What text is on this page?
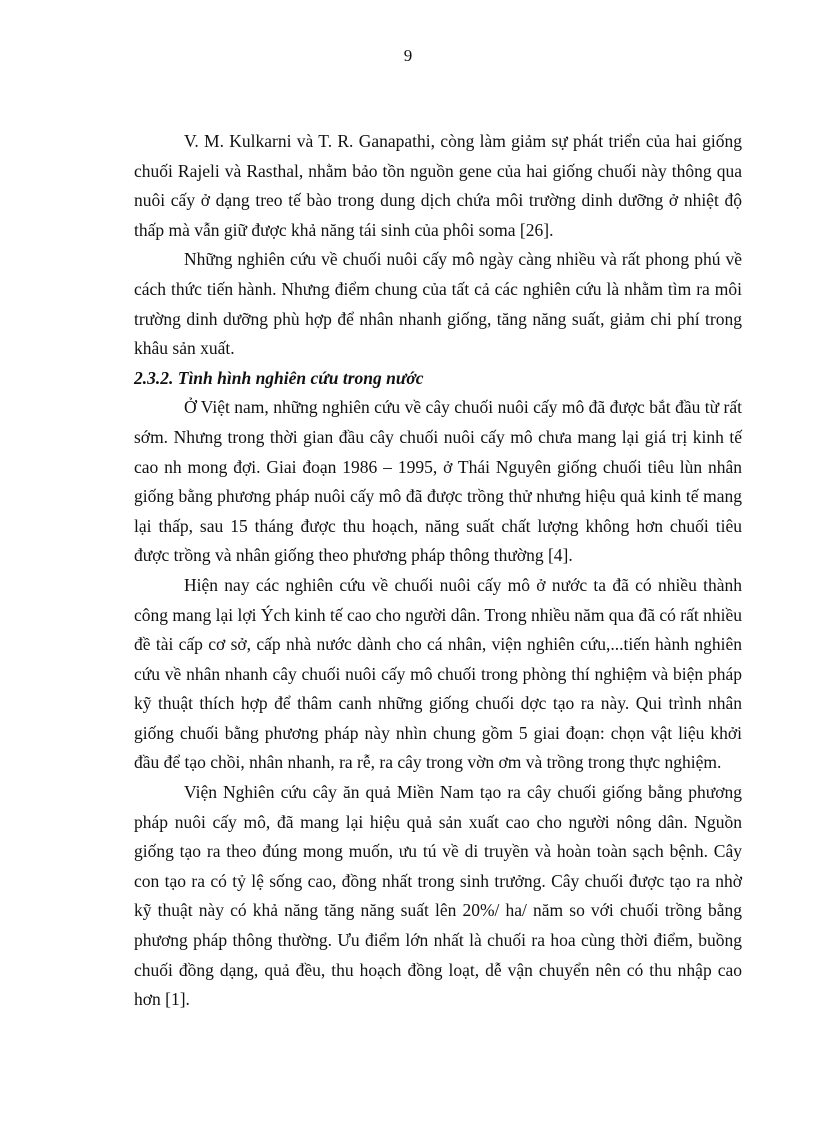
9

V. M. Kulkarni và T. R. Ganapathi, còng làm giảm sự phát triển của hai giống chuối Rajeli và Rasthal, nhằm bảo tồn nguồn gene của hai giống chuối này thông qua nuôi cấy ở dạng treo tế bào trong dung dịch chứa môi trường dinh dưỡng ở nhiệt độ thấp mà vẫn giữ được khả năng tái sinh của phôi soma [26].

Những nghiên cứu về chuối nuôi cấy mô ngày càng nhiều và rất phong phú về cách thức tiến hành. Nhưng điểm chung của tất cả các nghiên cứu là nhằm tìm ra môi trường dinh dưỡng phù hợp để nhân nhanh giống, tăng năng suất, giảm chi phí trong khâu sản xuất.

2.3.2. Tình hình nghiên cứu trong nước

Ở Việt nam, những nghiên cứu về cây chuối nuôi cấy mô đã được bắt đầu từ rất sớm. Nhưng trong thời gian đầu cây chuối nuôi cấy mô chưa mang lại giá trị kinh tế cao nh mong đợi. Giai đoạn 1986 – 1995, ở Thái Nguyên giống chuối tiêu lùn nhân giống bằng phương pháp nuôi cấy mô đã được trồng thử nhưng hiệu quả kinh tế mang lại thấp, sau 15 tháng được thu hoạch, năng suất chất lượng không hơn chuối tiêu được trồng và nhân giống theo phương pháp thông thường [4].

Hiện nay các nghiên cứu về chuối nuôi cấy mô ở nước ta đã có nhiều thành công mang lại lợi Ých kinh tế cao cho người dân. Trong nhiều năm qua đã có rất nhiều đề tài cấp cơ sở, cấp nhà nước dành cho cá nhân, viện nghiên cứu,...tiến hành nghiên cứu về nhân nhanh cây chuối nuôi cấy mô chuối trong phòng thí nghiệm và biện pháp kỹ thuật thích hợp để thâm canh những giống chuối dợc tạo ra này. Qui trình nhân giống chuối bằng phương pháp này nhìn chung gồm 5 giai đoạn: chọn vật liệu khởi đầu để tạo chồi, nhân nhanh, ra rễ, ra cây trong vờn ơm và trồng trong thực nghiệm.

Viện Nghiên cứu cây ăn quả Miền Nam tạo ra cây chuối giống bằng phương pháp nuôi cấy mô, đã mang lại hiệu quả sản xuất cao cho người nông dân. Nguồn giống tạo ra theo đúng mong muốn, ưu tú về di truyền và hoàn toàn sạch bệnh. Cây con tạo ra có tỷ lệ sống cao, đồng nhất trong sinh trưởng. Cây chuối được tạo ra nhờ kỹ thuật này có khả năng tăng năng suất lên 20%/ ha/ năm so với chuối trồng bằng phương pháp thông thường. Ưu điểm lớn nhất là chuối ra hoa cùng thời điểm, buồng chuối đồng dạng, quả đều, thu hoạch đồng loạt, dễ vận chuyển nên có thu nhập cao hơn [1].
